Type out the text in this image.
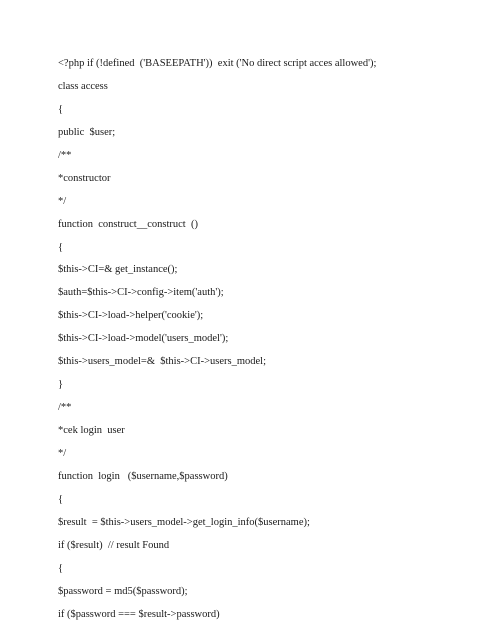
<?php if (!defined  ('BASEEPATH'))  exit ('No direct script acces allowed');
class access
{
public  $user;
/**
*constructor
*/
function  construct__construct  ()
{
$this->CI=& get_instance();
$auth=$this->CI->config->item('auth');
$this->CI->load->helper('cookie');
$this->CI->load->model('users_model');
$this->users_model=&  $this->CI->users_model;
}
/**
*cek login  user
*/
function  login   ($username,$password)
{
$result  = $this->users_model->get_login_info($username);
if ($result)  // result Found
{
$password = md5($password);
if ($password === $result->password)
